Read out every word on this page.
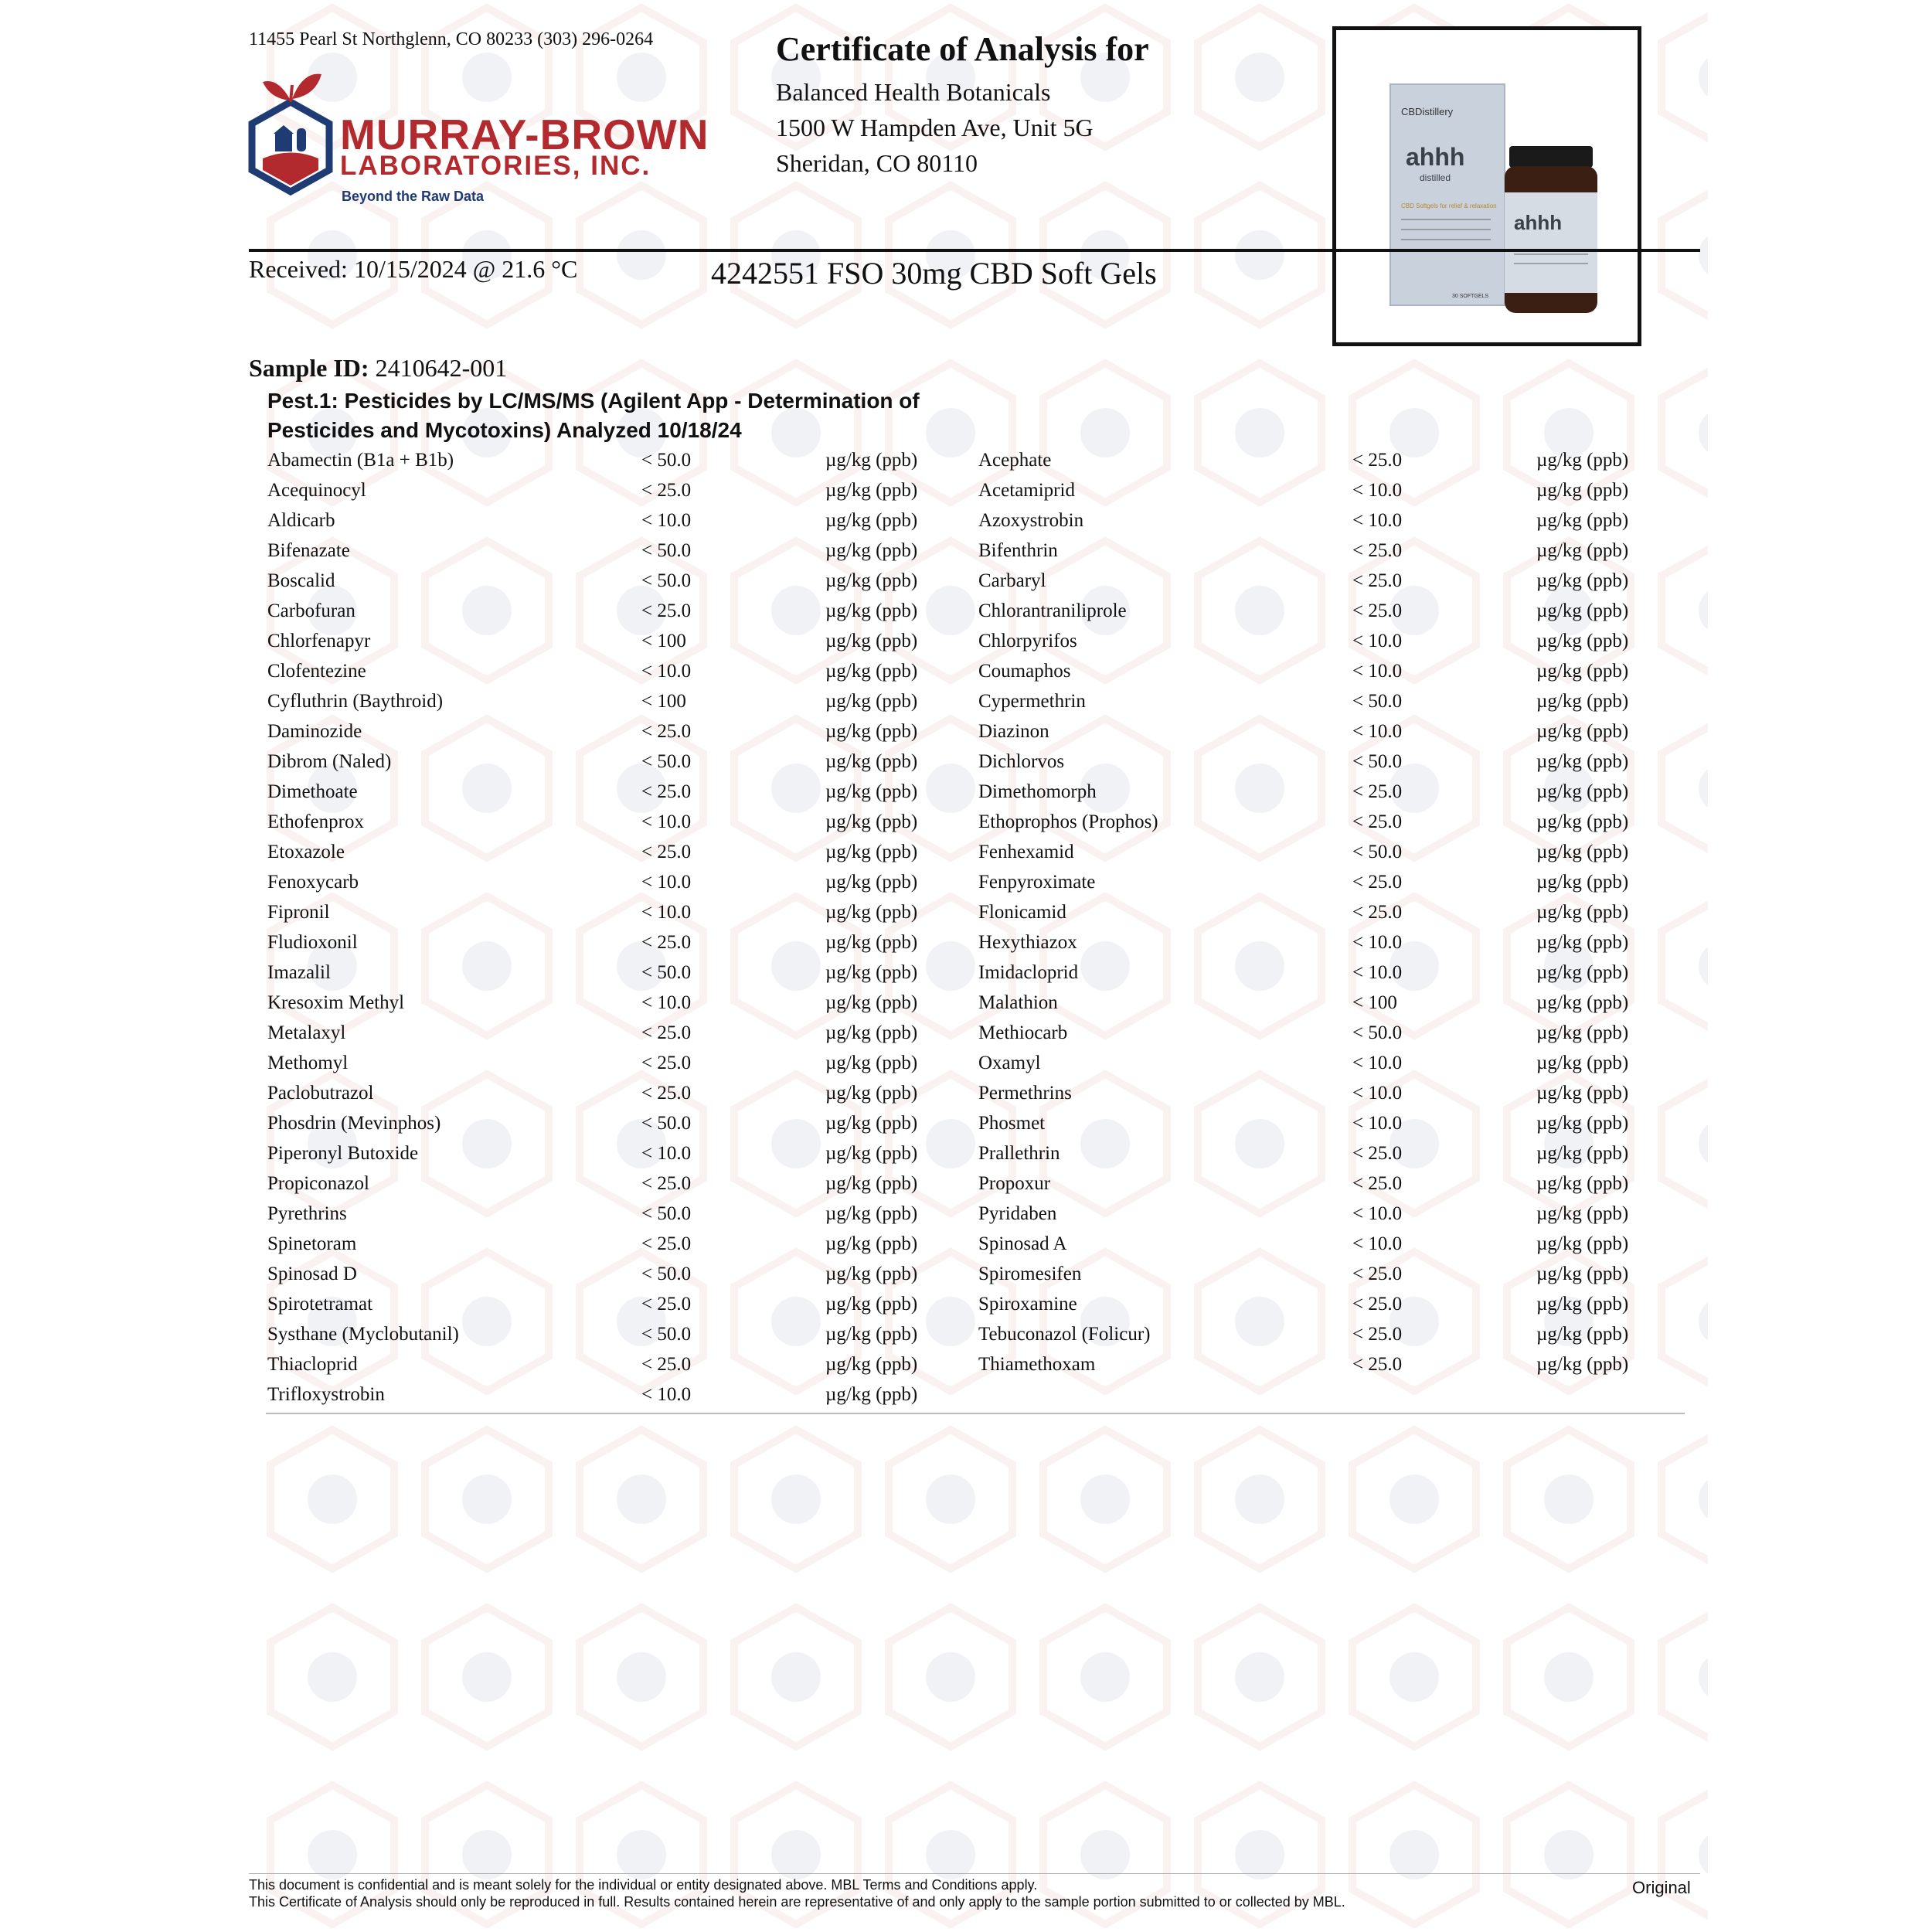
11455 Pearl St Northglenn, CO 80233 (303) 296-0264
MURRAY-BROWN
LABORATORIES, INC.
Beyond the Raw Data
Certificate of Analysis for
Balanced Health Botanicals
1500 W Hampden Ave, Unit 5G
Sheridan, CO 80110
CBDistillery
ahhh
distilled
CBD Softgels for relief & relaxation
30 SOFTGELS
ahhh
Received: 10/15/2024 @ 21.6 °C	4242551 FSO 30mg CBD Soft Gels
Sample ID: 2410642-001
Pest.1: Pesticides by LC/MS/MS (Agilent App - Determination of Pesticides and Mycotoxins) Analyzed 10/18/24
Abamectin (B1a + B1b)	< 50.0	µg/kg (ppb)	Acephate	< 25.0	µg/kg (ppb)
Acequinocyl	< 25.0	µg/kg (ppb)	Acetamiprid	< 10.0	µg/kg (ppb)
Aldicarb	< 10.0	µg/kg (ppb)	Azoxystrobin	< 10.0	µg/kg (ppb)
Bifenazate	< 50.0	µg/kg (ppb)	Bifenthrin	< 25.0	µg/kg (ppb)
Boscalid	< 50.0	µg/kg (ppb)	Carbaryl	< 25.0	µg/kg (ppb)
Carbofuran	< 25.0	µg/kg (ppb)	Chlorantraniliprole	< 25.0	µg/kg (ppb)
Chlorfenapyr	< 100	µg/kg (ppb)	Chlorpyrifos	< 10.0	µg/kg (ppb)
Clofentezine	< 10.0	µg/kg (ppb)	Coumaphos	< 10.0	µg/kg (ppb)
Cyfluthrin (Baythroid)	< 100	µg/kg (ppb)	Cypermethrin	< 50.0	µg/kg (ppb)
Daminozide	< 25.0	µg/kg (ppb)	Diazinon	< 10.0	µg/kg (ppb)
Dibrom (Naled)	< 50.0	µg/kg (ppb)	Dichlorvos	< 50.0	µg/kg (ppb)
Dimethoate	< 25.0	µg/kg (ppb)	Dimethomorph	< 25.0	µg/kg (ppb)
Ethofenprox	< 10.0	µg/kg (ppb)	Ethoprophos (Prophos)	< 25.0	µg/kg (ppb)
Etoxazole	< 25.0	µg/kg (ppb)	Fenhexamid	< 50.0	µg/kg (ppb)
Fenoxycarb	< 10.0	µg/kg (ppb)	Fenpyroximate	< 25.0	µg/kg (ppb)
Fipronil	< 10.0	µg/kg (ppb)	Flonicamid	< 25.0	µg/kg (ppb)
Fludioxonil	< 25.0	µg/kg (ppb)	Hexythiazox	< 10.0	µg/kg (ppb)
Imazalil	< 50.0	µg/kg (ppb)	Imidacloprid	< 10.0	µg/kg (ppb)
Kresoxim Methyl	< 10.0	µg/kg (ppb)	Malathion	< 100	µg/kg (ppb)
Metalaxyl	< 25.0	µg/kg (ppb)	Methiocarb	< 50.0	µg/kg (ppb)
Methomyl	< 25.0	µg/kg (ppb)	Oxamyl	< 10.0	µg/kg (ppb)
Paclobutrazol	< 25.0	µg/kg (ppb)	Permethrins	< 10.0	µg/kg (ppb)
Phosdrin (Mevinphos)	< 50.0	µg/kg (ppb)	Phosmet	< 10.0	µg/kg (ppb)
Piperonyl Butoxide	< 10.0	µg/kg (ppb)	Prallethrin	< 25.0	µg/kg (ppb)
Propiconazol	< 25.0	µg/kg (ppb)	Propoxur	< 25.0	µg/kg (ppb)
Pyrethrins	< 50.0	µg/kg (ppb)	Pyridaben	< 10.0	µg/kg (ppb)
Spinetoram	< 25.0	µg/kg (ppb)	Spinosad A	< 10.0	µg/kg (ppb)
Spinosad D	< 50.0	µg/kg (ppb)	Spiromesifen	< 25.0	µg/kg (ppb)
Spirotetramat	< 25.0	µg/kg (ppb)	Spiroxamine	< 25.0	µg/kg (ppb)
Systhane (Myclobutanil)	< 50.0	µg/kg (ppb)	Tebuconazol (Folicur)	< 25.0	µg/kg (ppb)
Thiacloprid	< 25.0	µg/kg (ppb)	Thiamethoxam	< 25.0	µg/kg (ppb)
Trifloxystrobin	< 10.0	µg/kg (ppb)
This document is confidential and is meant solely for the individual or entity designated above. MBL Terms and Conditions apply.
This Certificate of Analysis should only be reproduced in full. Results contained herein are representative of and only apply to the sample portion submitted to or collected by MBL.
Original
